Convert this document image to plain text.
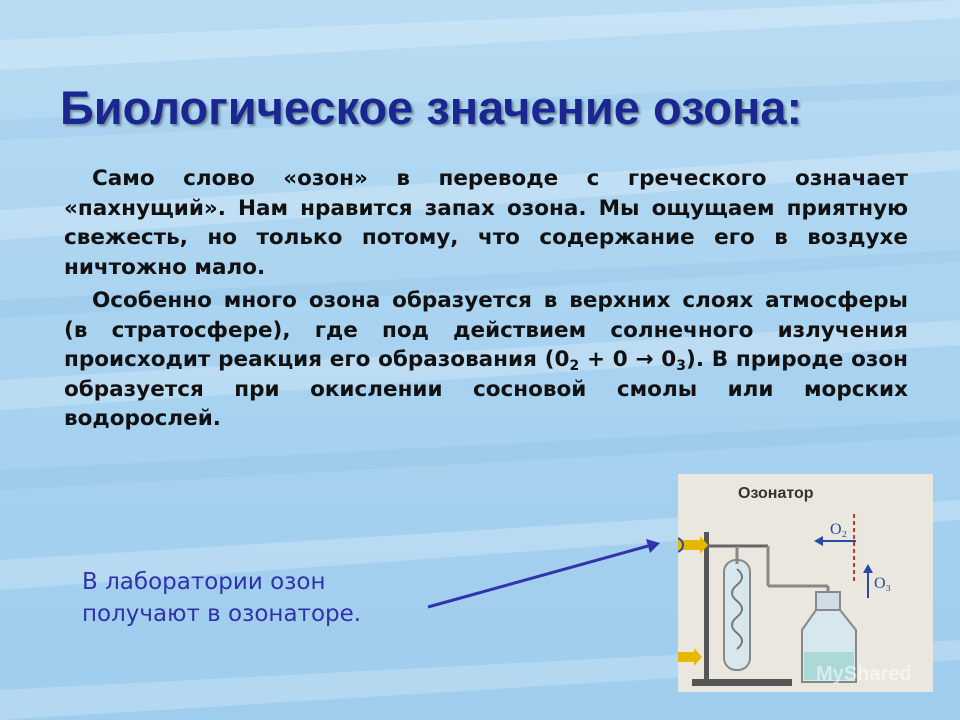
Биологическое значение озона:

Само слово «озон» в переводе с греческого означает «пахнущий». Нам нравится запах озона. Мы ощущаем приятную свежесть, но только потому, что содержание его в воздухе ничтожно мало.

Особенно много озона образуется в верхних слоях атмосферы (в стратосфере), где под действием солнечного излучения происходит реакция его образования $(0_2 + 0 \to 0_3)$. В природе озон образуется при окислении сосновой смолы или морских водорослей.

В лаборатории озон получают в озонаторе.
Озонатор
O₂
O₃
MyShared
